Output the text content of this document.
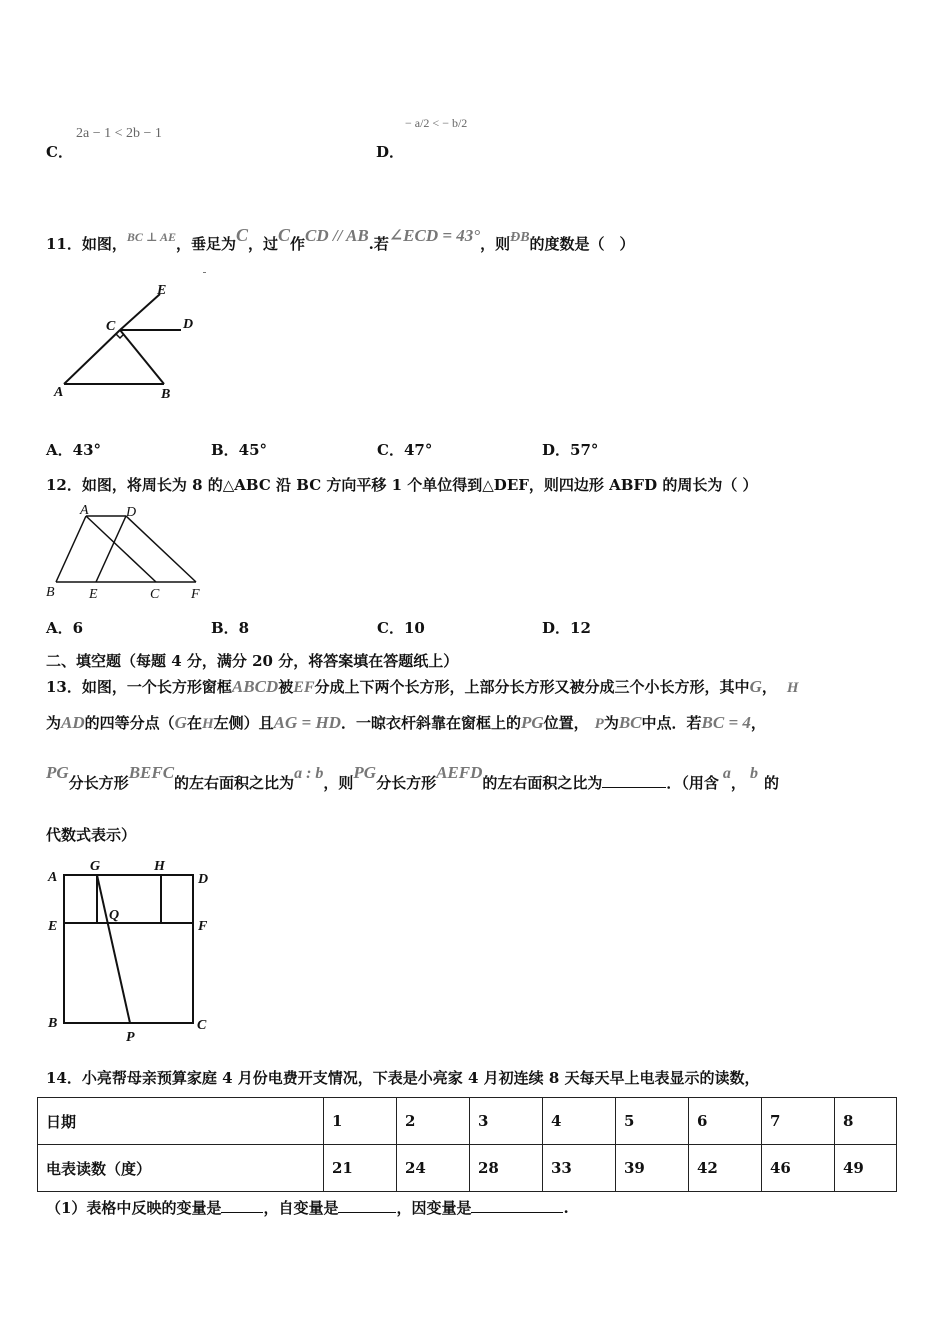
C．
2a − 1 < 2b − 1
D．
− a/2 < − b/2
11．如图，$^{BC \perp AE}$，垂足为C，过C作CD // AB.若∠ECD = 43°，则ÐB的度数是（　）
E
C	D
A	B
A．43°	B．45°	C．47°	D．57°
12．如图，将周长为 8 的△ABC 沿 BC 方向平移 1 个单位得到△DEF，则四边形 ABFD 的周长为（ ）
A	D
B E	C F
A．6	B．8	C．10	D．12
二、填空题（每题 4 分，满分 20 分，将答案填在答题纸上）
13．如图，一个长方形窗框ABCD被EF分成上下两个长方形，上部分长方形又被分成三个小长方形，其中G， H
为AD的四等分点（G在H左侧）且AG = HD．一晾衣杆斜靠在窗框上的PG位置， P为BC中点．若BC = 4，
PG分长方形BEFC的左右面积之比为a : b，则PG分长方形AEFD的左右面积之比为	．（用含a，b的
代数式表示）
A
G	H
D
E
Q
F
B
P
C
14．小亮帮母亲预算家庭 4 月份电费开支情况，下表是小亮家 4 月初连续 8 天每天早上电表显示的读数，
日期	1	2	3	4	5	6	7	8
电表读数（度）	21	24	28	33	39	42	46	49
（1）表格中反映的变量是	，自变量是	，因变量是	.
